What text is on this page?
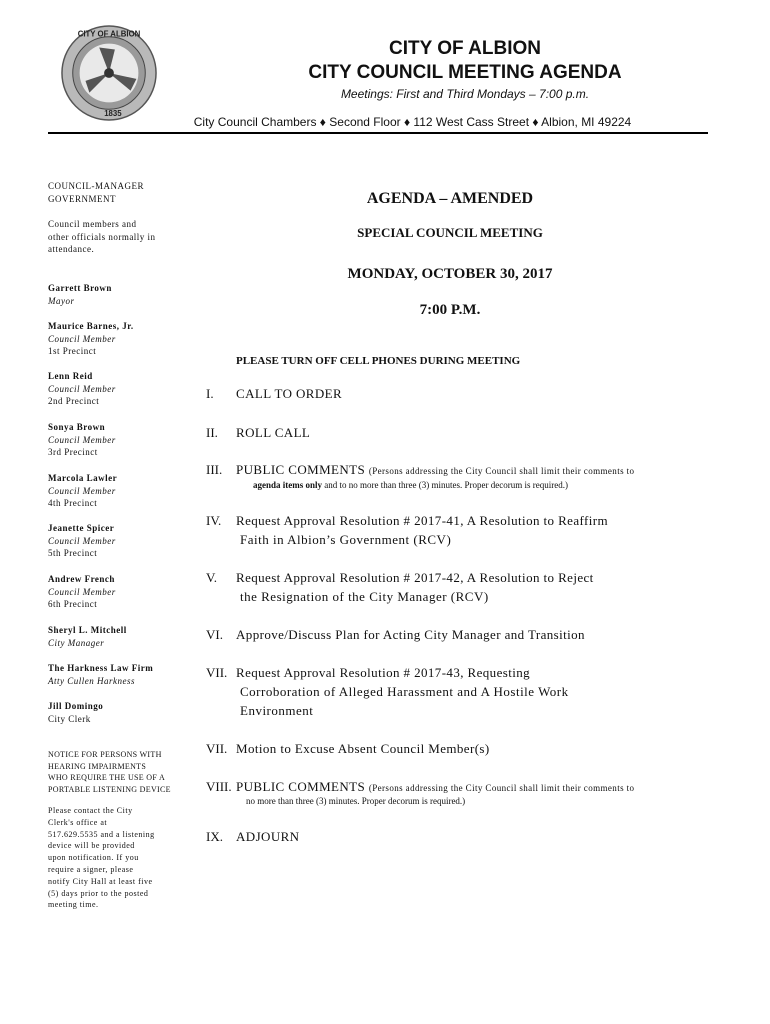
CITY OF ALBION
1835
CITY OF ALBION
CITY COUNCIL MEETING AGENDA
Meetings: First and Third Mondays – 7:00 p.m.
City Council Chambers ♦ Second Floor ♦ 112 West Cass Street ♦ Albion, MI 49224
COUNCIL-MANAGER
GOVERNMENT
Council members and
other officials normally in
attendance.
Garrett Brown
Mayor
Maurice Barnes, Jr.
Council Member
1st Precinct
Lenn Reid
Council Member
2nd Precinct
Sonya Brown
Council Member
3rd Precinct
Marcola Lawler
Council Member
4th Precinct
Jeanette Spicer
Council Member
5th Precinct
Andrew French
Council Member
6th Precinct
Sheryl L. Mitchell
City Manager
The Harkness Law Firm
Atty Cullen Harkness
Jill Domingo
City Clerk
NOTICE FOR PERSONS WITH
HEARING IMPAIRMENTS
WHO REQUIRE THE USE OF A
PORTABLE LISTENING DEVICE
Please contact the City
Clerk's office at
517.629.5535 and a listening
device will be provided
upon notification. If you
require a signer, please
notify City Hall at least five
(5) days prior to the posted
meeting time.
AGENDA – AMENDED
SPECIAL COUNCIL MEETING
MONDAY, OCTOBER 30, 2017
7:00 P.M.
PLEASE TURN OFF CELL PHONES DURING MEETING
I. CALL TO ORDER
II. ROLL CALL
III. PUBLIC COMMENTS (Persons addressing the City Council shall limit their comments to
agenda items only and to no more than three (3) minutes. Proper decorum is required.)
IV. Request Approval Resolution # 2017-41, A Resolution to Reaffirm
Faith in Albion’s Government (RCV)
V. Request Approval Resolution # 2017-42, A Resolution to Reject
the Resignation of the City Manager (RCV)
VI. Approve/Discuss Plan for Acting City Manager and Transition
VII. Request Approval Resolution # 2017-43, Requesting
Corroboration of Alleged Harassment and A Hostile Work
Environment
VII. Motion to Excuse Absent Council Member(s)
VIII. PUBLIC COMMENTS (Persons addressing the City Council shall limit their comments to
no more than three (3) minutes. Proper decorum is required.)
IX. ADJOURN
